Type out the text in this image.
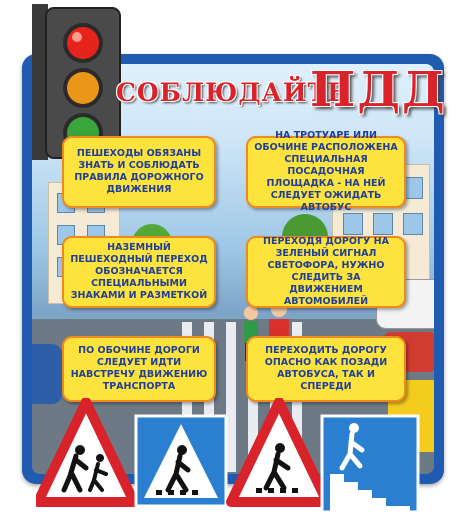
СОБЛЮДАЙТЕ
ПДД
ПЕШЕХОДЫ ОБЯЗАНЫ ЗНАТЬ И СОБЛЮДАТЬ ПРАВИЛА ДОРОЖНОГО ДВИЖЕНИЯ
НА ТРОТУАРЕ ИЛИ ОБОЧИНЕ РАСПОЛОЖЕНА СПЕЦИАЛЬНАЯ ПОСАДОЧНАЯ ПЛОЩАДКА - НА НЕЙ СЛЕДУЕТ ОЖИДАТЬ АВТОБУС
НАЗЕМНЫЙ ПЕШЕХОДНЫЙ ПЕРЕХОД ОБОЗНАЧАЕТСЯ СПЕЦИАЛЬНЫМИ ЗНАКАМИ И РАЗМЕТКОЙ
ПЕРЕХОДЯ ДОРОГУ НА ЗЕЛЕНЫЙ СИГНАЛ СВЕТОФОРА, НУЖНО СЛЕДИТЬ ЗА ДВИЖЕНИЕМ АВТОМОБИЛЕЙ
ПО ОБОЧИНЕ ДОРОГИ СЛЕДУЕТ ИДТИ НАВСТРЕЧУ ДВИЖЕНИЮ ТРАНСПОРТА
ПЕРЕХОДИТЬ ДОРОГУ ОПАСНО КАК ПОЗАДИ АВТОБУСА, ТАК И СПЕРЕДИ
